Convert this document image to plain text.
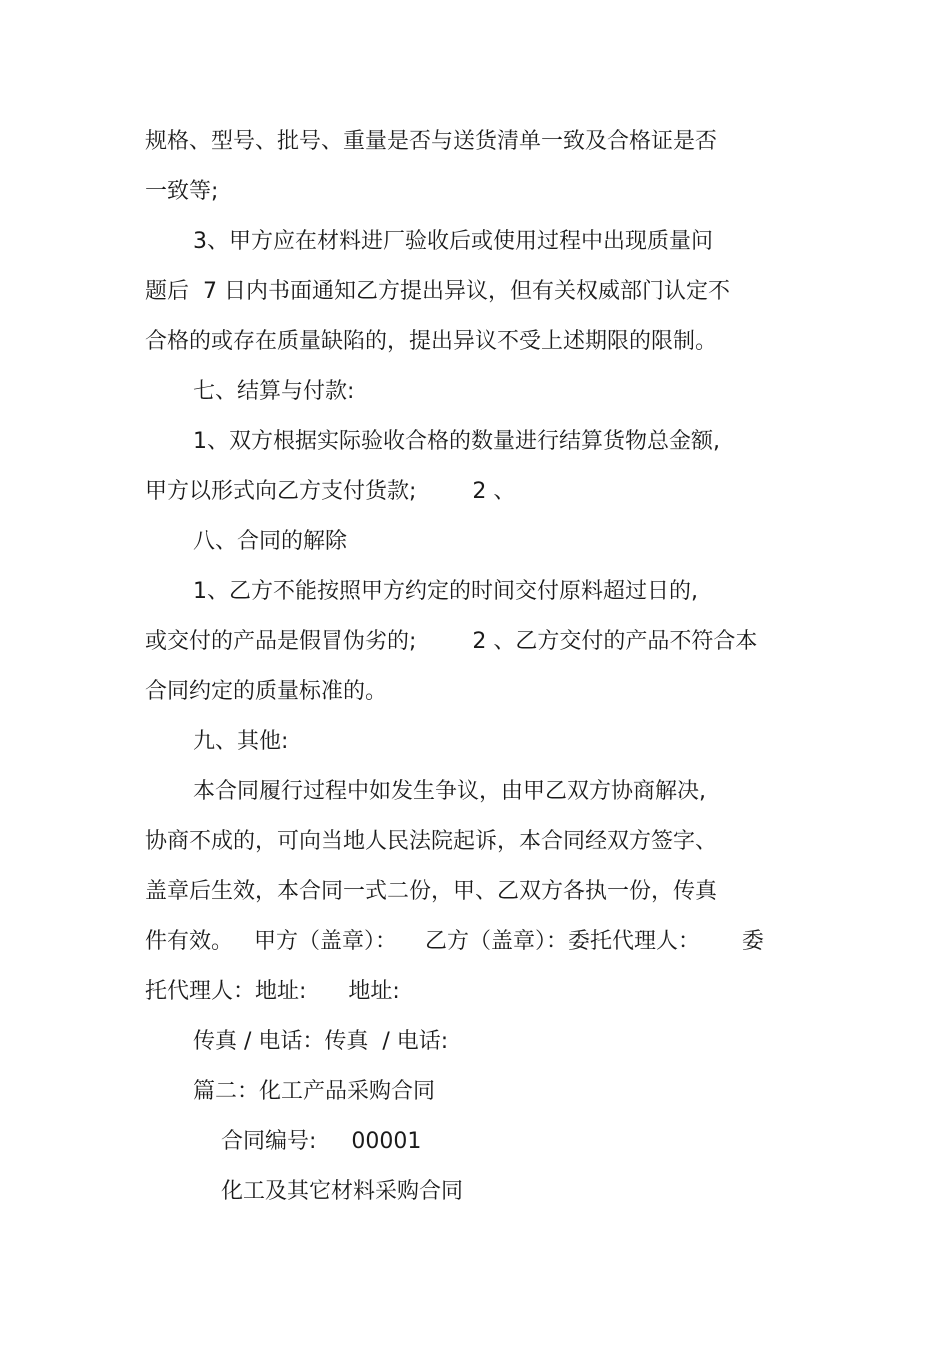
规格、型号、批号、重量是否与送货清单一致及合格证是否
一致等;
3、甲方应在材料进厂验收后或使用过程中出现质量问
题后  7 日内书面通知乙方提出异议，但有关权威部门认定不
合格的或存在质量缺陷的，提出异议不受上述期限的限制。
七、结算与付款:
1、双方根据实际验收合格的数量进行结算货物总金额,
甲方以形式向乙方支付货款;        2 、
八、合同的解除
1、乙方不能按照甲方约定的时间交付原料超过日的,
或交付的产品是假冒伪劣的;        2 、乙方交付的产品不符合本
合同约定的质量标准的。
九、其他:
本合同履行过程中如发生争议，由甲乙双方协商解决,
协商不成的，可向当地人民法院起诉，本合同经双方签字、
盖章后生效，本合同一式二份，甲、乙双方各执一份，传真
件有效。   甲方（盖章）：    乙方（盖章）：委托代理人：      委
托代理人：地址:      地址:
传真 / 电话：传真  / 电话:
篇二：化工产品采购合同
合同编号:     00001
化工及其它材料采购合同
